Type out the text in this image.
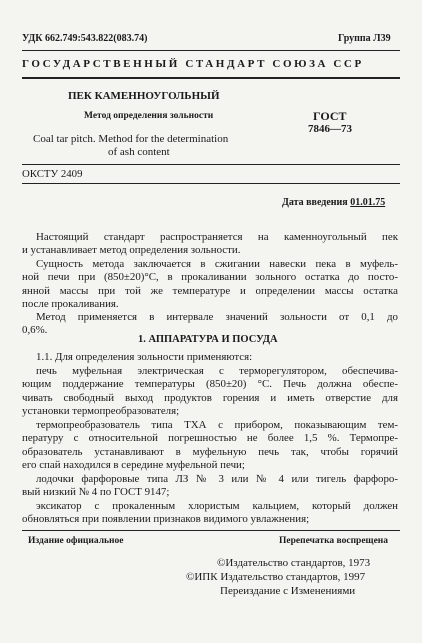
УДК 662.749:543.822(083.74)	Группа Л39
ГОСУДАРСТВЕННЫЙ СТАНДАРТ СОЮЗА ССР
ПЕК КАМЕННОУГОЛЬНЫЙ
Метод определения зольности
Coal tar pitch. Method for the determination
of ash content
ГОСТ
7846—73
ОКСТУ 2409
Дата введения 01.01.75
Настоящий стандарт распространяется на каменноугольный пек
и устанавливает метод определения зольности.
Сущность метода заключается в сжигании навески пека в муфель-
ной печи при (850±20)°С, в прокаливании зольного остатка до посто-
янной массы при той же температуре и определении массы остатка
после прокаливания.
Метод применяется в интервале значений зольности от 0,1 до
0,6%.
1. АППАРАТУРА И ПОСУДА
1.1. Для определения зольности применяются:
печь муфельная электрическая с терморегулятором, обеспечива-
ющим поддержание температуры (850±20) °С. Печь должна обеспе-
чивать свободный выход продуктов горения и иметь отверстие для
установки термопреобразователя;
термопреобразователь типа ТХА с прибором, показывающим тем-
пературу с относительной погрешностью не более 1,5 %. Термопре-
образователь устанавливают в муфельную печь так, чтобы горячий
его спай находился в середине муфельной печи;
лодочки фарфоровые типа ЛЗ № 3 или № 4 или тигель фарфоро-
вый низкий № 4 по ГОСТ 9147;
эксикатор с прокаленным хлористым кальцием, который должен
обновляться при появлении признаков видимого увлажнения;
Издание официальное	Перепечатка воспрещена
©Издательство стандартов, 1973
©ИПК Издательство стандартов, 1997
Переиздание с Изменениями
